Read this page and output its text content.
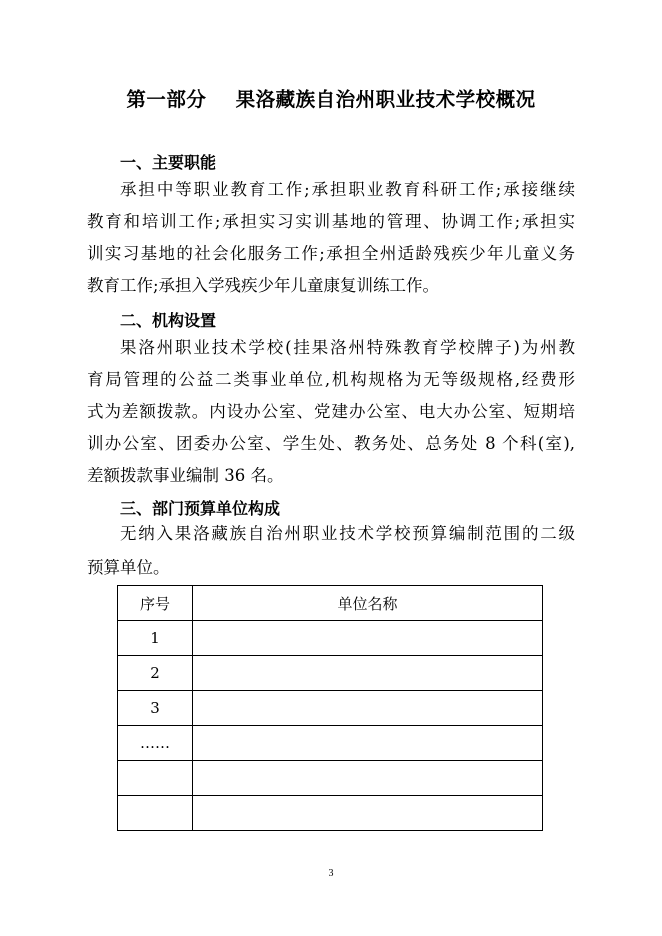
第一部分    果洛藏族自治州职业技术学校概况
一、主要职能
承担中等职业教育工作;承担职业教育科研工作;承接继续
教育和培训工作;承担实习实训基地的管理、协调工作;承担实
训实习基地的社会化服务工作;承担全州适龄残疾少年儿童义务
教育工作;承担入学残疾少年儿童康复训练工作。
二、机构设置
果洛州职业技术学校(挂果洛州特殊教育学校牌子)为州教
育局管理的公益二类事业单位,机构规格为无等级规格,经费形
式为差额拨款。内设办公室、党建办公室、电大办公室、短期培
训办公室、团委办公室、学生处、教务处、总务处 8 个科(室),
差额拨款事业编制 36 名。
三、部门预算单位构成
无纳入果洛藏族自治州职业技术学校预算编制范围的二级
预算单位。
序号	单位名称
1	
2	
3	
……	

3
